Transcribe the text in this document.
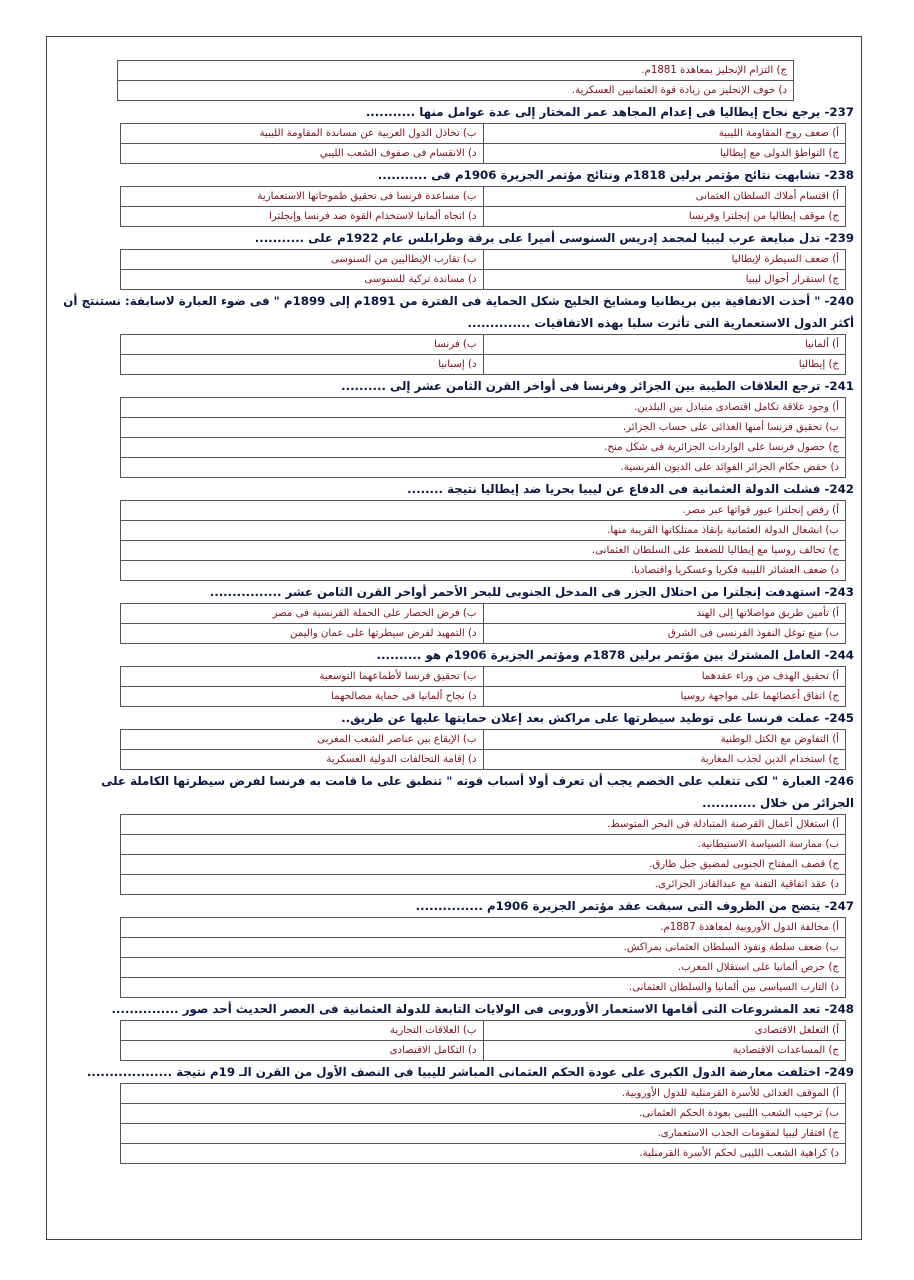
ج) التزام الإنجليز بمعاهدة 1881م.
د) خوف الإنجليز من زيادة قوة العثمانيين العسكرية.
237- يرجع نجاح إيطاليا فى إعدام المجاهد عمر المختار إلى عدة عوامل منها ...........
أ) ضعف روح المقاومة الليبية	ب) تخاذل الدول العربية عن مساندة المقاومة الليبية
ج) التواطؤ الدولى مع إيطاليا	د) الانقسام فى صفوف الشعب الليبي
238- تشابهت نتائج مؤتمر برلين 1818م ونتائج مؤتمر الجزيرة 1906م فى ...........
أ) اقتسام أملاك السلطان العثمانى	ب) مساعدة فرنسا فى تحقيق طموحاتها الاستعمارية
ج) موقف إيطاليا من إنجلترا وفرنسا	د) اتجاه ألمانيا لاستخدام القوة ضد فرنسا وإنجلترا
239- تدل مبايعة عرب ليبيا لمحمد إدريس السنوسى أميرا على برقة وطرابلس عام 1922م على ...........
أ) ضعف السيطرة لإيطاليا	ب) تقارب الإيطاليين من السنوسى
ج) استقرار أحوال ليبيا	د) مساندة تركية للسنوسى
240- " أخذت الاتفاقية بين بريطانيا ومشايخ الخليج شكل الحماية فى الفترة من 1891م إلى 1899م " فى ضوء العبارة لاسابقة: نستنتج أن أكثر الدول الاستعمارية التى تأثرت سلبا بهذه الاتفاقيات ..............
أ) ألمانيا	ب) فرنسا
ج) إيطاليا	د) إسبانيا
241- ترجع العلاقات الطيبة بين الجزائر وفرنسا فى أواخر القرن الثامن عشر إلى ..........
أ) وجود علاقة تكامل اقتصادى متبادل بين البلدين.
ب) تحقيق فرنسا أمنها الغذائى على حساب الجزائر.
ج) حصول فرنسا على الواردات الجزائرية فى شكل منح.
د) خفض حكام الجزائر الفوائد على الديون الفرنسية.
242- فشلت الدولة العثمانية فى الدفاع عن ليبيا بحريا ضد إيطاليا نتيجة ........
أ) رفض إنجلترا عبور قواتها عبر مصر.
ب) انشغال الدولة العثمانية بإنقاذ ممتلكاتها القريبة منها.
ج) تحالف روسيا مع إيطاليا للضغط على السلطان العثمانى.
د) ضعف العشائر الليبية فكريا وعسكريا واقتصاديا.
243- استهدفت إنجلترا من احتلال الجزر فى المدخل الجنوبى للبحر الأحمر أواخر القرن الثامن عشر ................
أ) تأمين طريق مواصلاتها إلى الهند	ب) فرض الحصار على الحملة الفرنسية فى مصر
ب) منع توغل النفوذ الفرنسى فى الشرق	د) التمهيد لفرض سيطرتها على عمان واليمن
244- العامل المشترك بين مؤتمر برلين 1878م ومؤتمر الجزيرة 1906م هو ..........
أ) تحقيق الهدف من وراء عقدهما	ب) تحقيق فرنسا لأطماعهما التوسعية
ج) اتفاق أعضائهما على مواجهة روسيا	د) نجاح ألمانيا فى حماية مصالحهما
245- عملت فرنسا على توطيد سيطرتها على مراكش بعد إعلان حمايتها عليها عن طريق..
أ) التفاوض مع الكتل الوطنية	ب) الإيقاع بين عناصر الشعب المغربى
ج) استخدام الدين لجذب المغاربة	د) إقامة التحالفات الدولية العسكرية
246- العبارة " لكى تتغلب على الخصم يجب أن تعرف أولا أسباب قوته " تنطبق على ما قامت به فرنسا لفرض سيطرتها الكاملة على الجزائر من خلال ............
أ) استغلال أعمال القرصنة المتبادلة فى البحر المتوسط.
ب) ممارسة السياسة الاستيطانية.
ج) قصف المفتاح الجنوبى لمضيق جبل طارق.
د) عقد اتفاقية التفنة مع عبدالقادر الجزائرى.
247- يتضح من الظروف التى سبقت عقد مؤتمر الجزيرة 1906م ...............
أ) مخالفة الدول الأوروبية لمعاهدة 1887م.
ب) ضعف سلطة ونفوذ السلطان العثمانى بمراكش.
ج) حرص ألمانيا على استقلال المغرب.
د) التارب السياسى بين ألمانيا والسلطان العثمانى.
248- تعد المشروعات التى أقامها الاستعمار الأوروبى فى الولايات التابعة للدولة العثمانية فى العصر الحديث أحد صور ...............
أ) التغلغل الاقتصادى	ب) العلاقات التجارية
ج) المساعدات الاقتصادية	د) التكامل الاقتصادى
249- اختلفت معارضة الدول الكبرى على عودة الحكم العثمانى المباشر لليبيا فى النصف الأول من القرن الـ 19م نتيجة ...................
أ) الموقف العدائى للأسرة القرمنلية للدول الأوروبية.
ب) ترحيب الشعب الليبى بعودة الحكم العثمانى.
ج) افتقار ليبيا لمقومات الجذب الاستعمارى.
د) كراهية الشعب الليبى لحكم الأسرة القرمنلية.
